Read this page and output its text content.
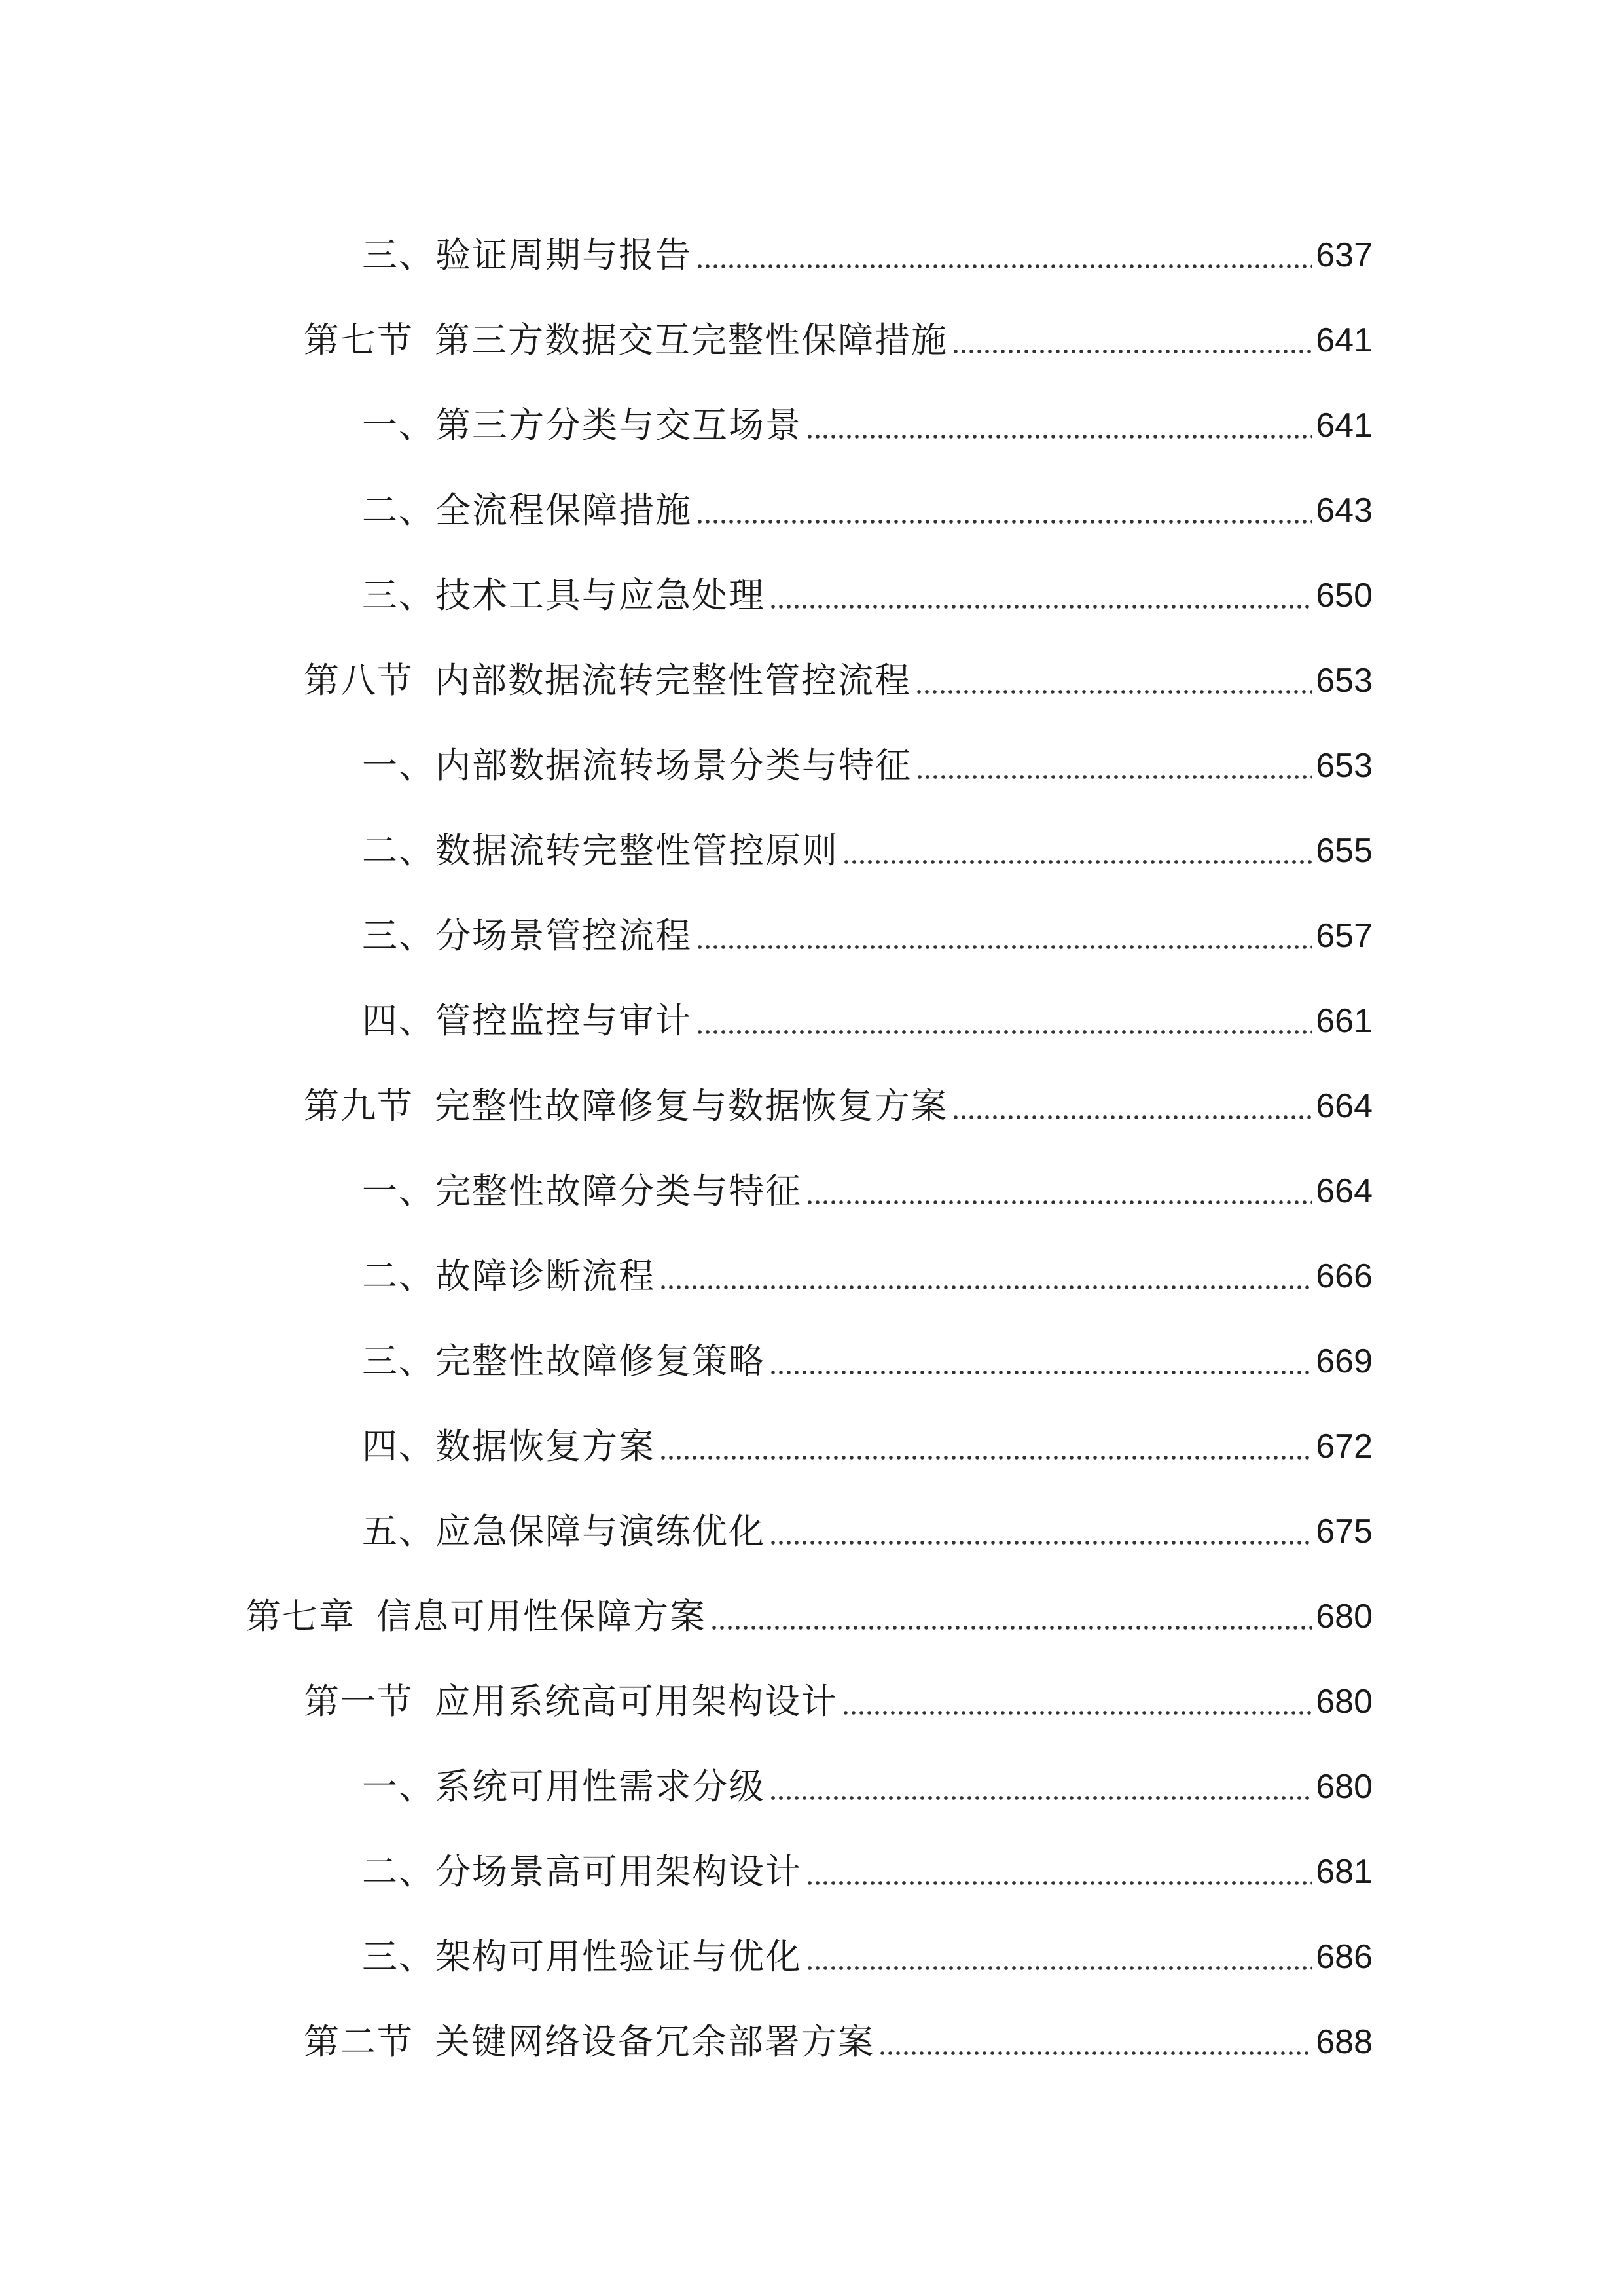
三、验证周期与报告	637
第七节 第三方数据交互完整性保障措施	641
一、第三方分类与交互场景	641
二、全流程保障措施	643
三、技术工具与应急处理	650
第八节 内部数据流转完整性管控流程	653
一、内部数据流转场景分类与特征	653
二、数据流转完整性管控原则	655
三、分场景管控流程	657
四、管控监控与审计	661
第九节 完整性故障修复与数据恢复方案	664
一、完整性故障分类与特征	664
二、故障诊断流程	666
三、完整性故障修复策略	669
四、数据恢复方案	672
五、应急保障与演练优化	675
第七章 信息可用性保障方案	680
第一节 应用系统高可用架构设计	680
一、系统可用性需求分级	680
二、分场景高可用架构设计	681
三、架构可用性验证与优化	686
第二节 关键网络设备冗余部署方案	688
